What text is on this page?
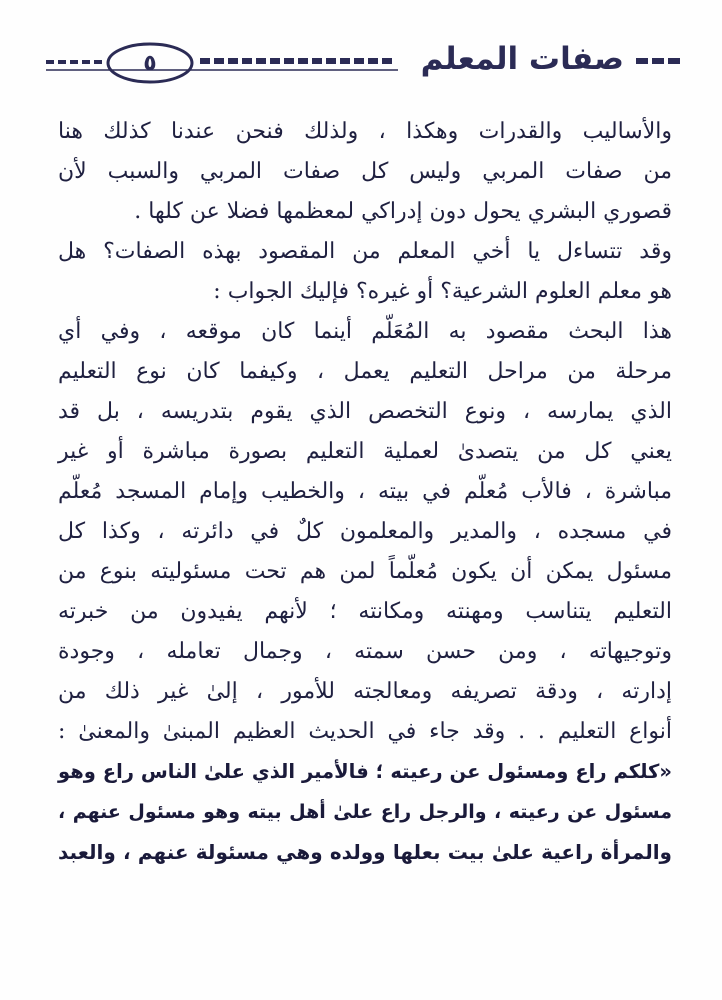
٥	صفات المعلم
والأساليب والقدرات وهكذا ، ولذلك فنحن عندنا كذلك هنا
من صفات المربي وليس كل صفات المربي والسبب لأن
قصوري البشري يحول دون إدراكي لمعظمها فضلا عن كلها .
وقد تتساءل يا أخي المعلم من المقصود بهذه الصفات؟ هل
هو معلم العلوم الشرعية؟ أو غيره؟ فإليك الجواب :
هذا البحث مقصود به المُعَلّم أينما كان موقعه ، وفي أي
مرحلة من مراحل التعليم يعمل ، وكيفما كان نوع التعليم
الذي يمارسه ، ونوع التخصص الذي يقوم بتدريسه ، بل قد
يعني كل من يتصدىٰ لعملية التعليم بصورة مباشرة أو غير
مباشرة ، فالأب مُعلّم في بيته ، والخطيب وإمام المسجد مُعلّم
في مسجده ، والمدير والمعلمون كلٌ في دائرته ، وكذا كل
مسئول يمكن أن يكون مُعلّماً لمن هم تحت مسئوليته بنوع من
التعليم يتناسب ومهنته ومكانته ؛ لأنهم يفيدون من خبرته
وتوجيهاته ، ومن حسن سمته ، وجمال تعامله ، وجودة
إدارته ، ودقة تصريفه ومعالجته للأمور ، إلىٰ غير ذلك من
أنواع التعليم . . وقد جاء في الحديث العظيم المبنىٰ والمعنىٰ :
«كلكم راع ومسئول عن رعيته ؛ فالأمير الذي علىٰ الناس راع وهو
مسئول عن رعيته ، والرجل راع علىٰ أهل بيته وهو مسئول عنهم ،
والمرأة راعية علىٰ بيت بعلها وولده وهي مسئولة عنهم ، والعبد
